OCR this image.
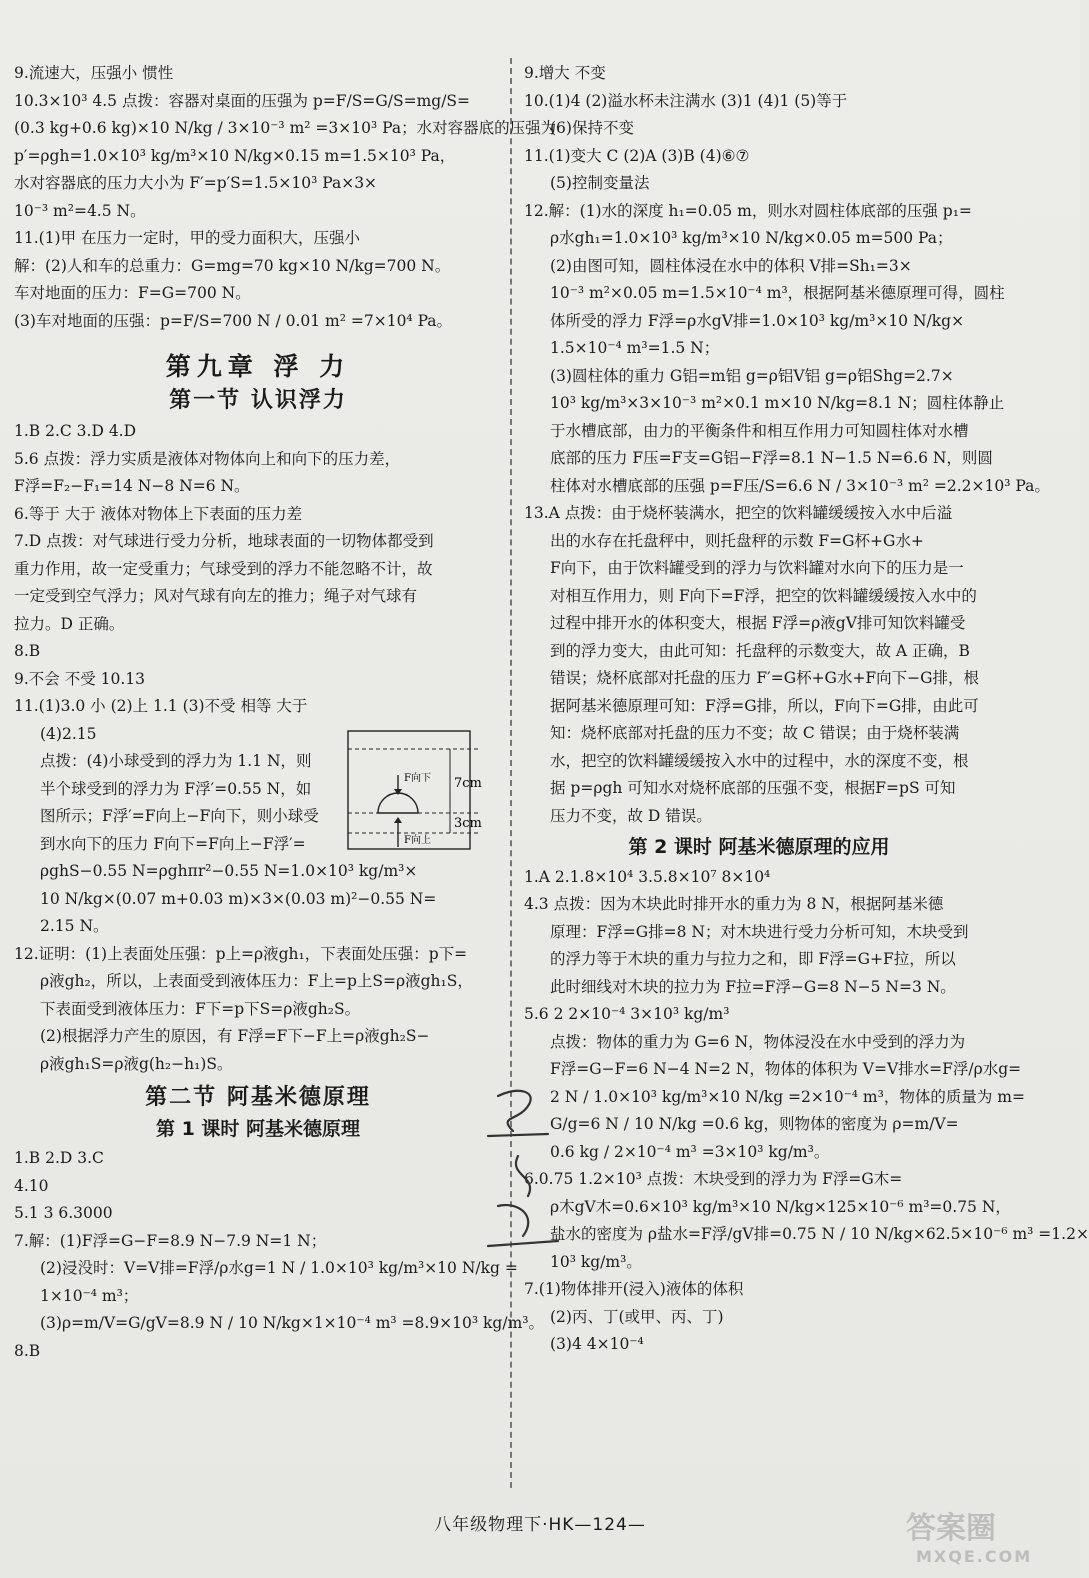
9.流速大，压强小 惯性
10.3×10³ 4.5 点拨：容器对桌面的压强为 p=F/S=G/S=mg/S=
(0.3 kg+0.6 kg)×10 N/kg / 3×10⁻³ m² =3×10³ Pa；水对容器底的压强为
p′=ρgh=1.0×10³ kg/m³×10 N/kg×0.15 m=1.5×10³ Pa，
水对容器底的压力大小为 F′=p′S=1.5×10³ Pa×3×
10⁻³ m²=4.5 N。
11.(1)甲 在压力一定时，甲的受力面积大，压强小
解：(2)人和车的总重力：G=mg=70 kg×10 N/kg=700 N。
车对地面的压力：F=G=700 N。
(3)车对地面的压强：p=F/S=700 N / 0.01 m² =7×10⁴ Pa。
第九章 浮 力
第一节 认识浮力
1.B 2.C 3.D 4.D
5.6 点拨：浮力实质是液体对物体向上和向下的压力差，
F浮=F₂−F₁=14 N−8 N=6 N。
6.等于 大于 液体对物体上下表面的压力差
7.D 点拨：对气球进行受力分析，地球表面的一切物体都受到
重力作用，故一定受重力；气球受到的浮力不能忽略不计，故
一定受到空气浮力；风对气球有向左的推力；绳子对气球有
拉力。D 正确。
8.B
9.不会 不受 10.13
11.(1)3.0 小 (2)上 1.1 (3)不受 相等 大于
(4)2.15
点拨：(4)小球受到的浮力为 1.1 N，则
半个球受到的浮力为 F浮′=0.55 N，如
图所示；F浮′=F向上−F向下，则小球受
到水向下的压力 F向下=F向上−F浮′=
ρghS−0.55 N=ρghπr²−0.55 N=1.0×10³ kg/m³×
10 N/kg×(0.07 m+0.03 m)×3×(0.03 m)²−0.55 N=
2.15 N。
12.证明：(1)上表面处压强：p上=ρ液gh₁，下表面处压强：p下=
ρ液gh₂，所以，上表面受到液体压力：F上=p上S=ρ液gh₁S，
下表面受到液体压力：F下=p下S=ρ液gh₂S。
(2)根据浮力产生的原因，有 F浮=F下−F上=ρ液gh₂S−
ρ液gh₁S=ρ液g(h₂−h₁)S。
第二节 阿基米德原理
第 1 课时 阿基米德原理
1.B 2.D 3.C
4.10
5.1 3 6.3000
7.解：(1)F浮=G−F=8.9 N−7.9 N=1 N；
(2)浸没时：V=V排=F浮/ρ水g=1 N / 1.0×10³ kg/m³×10 N/kg =
1×10⁻⁴ m³；
(3)ρ=m/V=G/gV=8.9 N / 10 N/kg×1×10⁻⁴ m³ =8.9×10³ kg/m³。
8.B
9.增大 不变
10.(1)4 (2)溢水杯未注满水 (3)1 (4)1 (5)等于
(6)保持不变
11.(1)变大 C (2)A (3)B (4)⑥⑦
(5)控制变量法
12.解：(1)水的深度 h₁=0.05 m，则水对圆柱体底部的压强 p₁=
ρ水gh₁=1.0×10³ kg/m³×10 N/kg×0.05 m=500 Pa；
(2)由图可知，圆柱体浸在水中的体积 V排=Sh₁=3×
10⁻³ m²×0.05 m=1.5×10⁻⁴ m³，根据阿基米德原理可得，圆柱
体所受的浮力 F浮=ρ水gV排=1.0×10³ kg/m³×10 N/kg×
1.5×10⁻⁴ m³=1.5 N；
(3)圆柱体的重力 G铝=m铝 g=ρ铝V铝 g=ρ铝Shg=2.7×
10³ kg/m³×3×10⁻³ m²×0.1 m×10 N/kg=8.1 N；圆柱体静止
于水槽底部，由力的平衡条件和相互作用力可知圆柱体对水槽
底部的压力 F压=F支=G铝−F浮=8.1 N−1.5 N=6.6 N，则圆
柱体对水槽底部的压强 p=F压/S=6.6 N / 3×10⁻³ m² =2.2×10³ Pa。
13.A 点拨：由于烧杯装满水，把空的饮料罐缓缓按入水中后溢
出的水存在托盘秤中，则托盘秤的示数 F=G杯+G水+
F向下，由于饮料罐受到的浮力与饮料罐对水向下的压力是一
对相互作用力，则 F向下=F浮，把空的饮料罐缓缓按入水中的
过程中排开水的体积变大，根据 F浮=ρ液gV排可知饮料罐受
到的浮力变大，由此可知：托盘秤的示数变大，故 A 正确，B
错误；烧杯底部对托盘的压力 F′=G杯+G水+F向下−G排，根
据阿基米德原理可知：F浮=G排，所以，F向下=G排，由此可
知：烧杯底部对托盘的压力不变；故 C 错误；由于烧杯装满
水，把空的饮料罐缓缓按入水中的过程中，水的深度不变，根
据 p=ρgh 可知水对烧杯底部的压强不变，根据F=pS 可知
压力不变，故 D 错误。
第 2 课时 阿基米德原理的应用
1.A 2.1.8×10⁴ 3.5.8×10⁷ 8×10⁴
4.3 点拨：因为木块此时排开水的重力为 8 N，根据阿基米德
原理：F浮=G排=8 N；对木块进行受力分析可知，木块受到
的浮力等于木块的重力与拉力之和，即 F浮=G+F拉，所以
此时细线对木块的拉力为 F拉=F浮−G=8 N−5 N=3 N。
5.6 2 2×10⁻⁴ 3×10³ kg/m³
点拨：物体的重力为 G=6 N，物体浸没在水中受到的浮力为
F浮=G−F=6 N−4 N=2 N，物体的体积为 V=V排水=F浮/ρ水g=
2 N / 1.0×10³ kg/m³×10 N/kg =2×10⁻⁴ m³，物体的质量为 m=
G/g=6 N / 10 N/kg =0.6 kg，则物体的密度为 ρ=m/V=
0.6 kg / 2×10⁻⁴ m³ =3×10³ kg/m³。
6.0.75 1.2×10³ 点拨：木块受到的浮力为 F浮=G木=
ρ木gV木=0.6×10³ kg/m³×10 N/kg×125×10⁻⁶ m³=0.75 N，
盐水的密度为 ρ盐水=F浮/gV排=0.75 N / 10 N/kg×62.5×10⁻⁶ m³ =1.2×
10³ kg/m³。
7.(1)物体排开(浸入)液体的体积
(2)丙、丁(或甲、丙、丁)
(3)4 4×10⁻⁴
F向下
F向上
7cm
3cm
八年级物理下·HK—124—	答案圈
MXQE.COM
